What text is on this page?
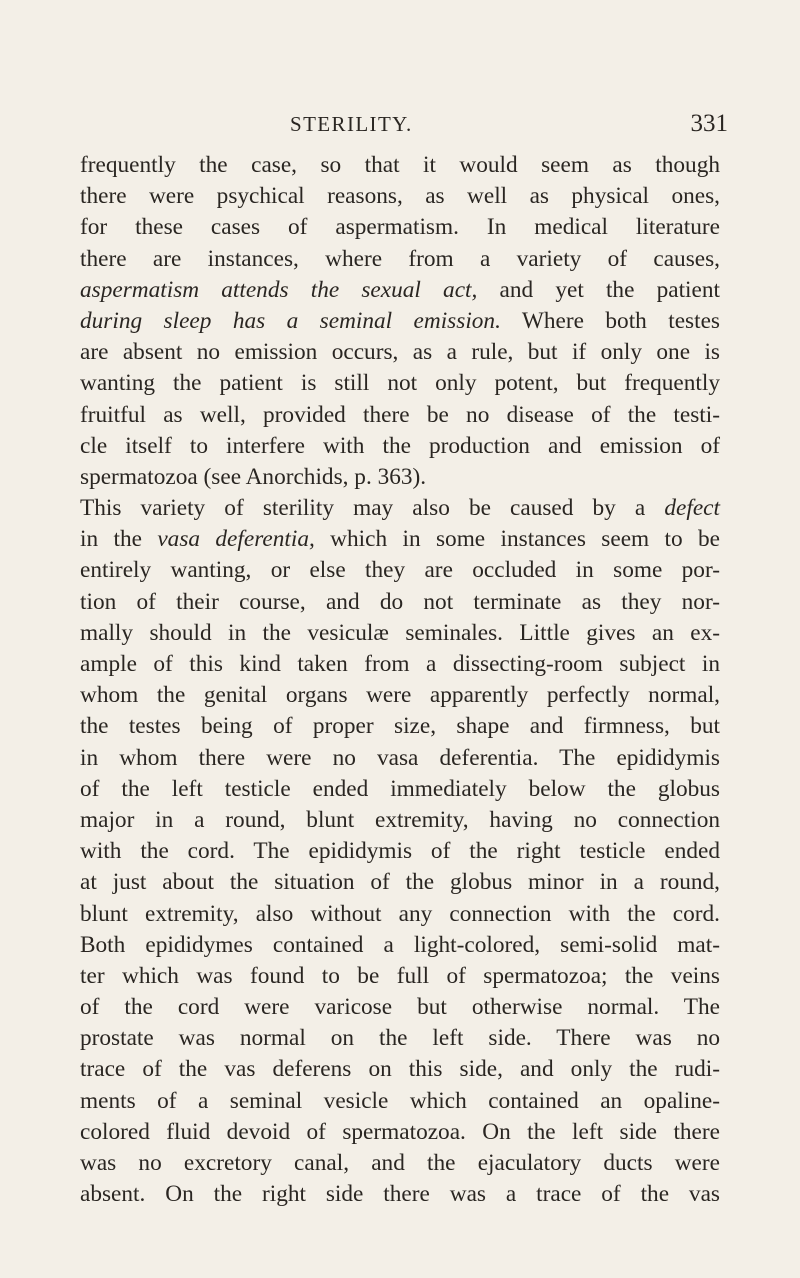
STERILITY.	331
frequently the case, so that it would seem as though
there were psychical reasons, as well as physical ones,
for these cases of aspermatism. In medical literature
there are instances, where from a variety of causes,
aspermatism attends the sexual act, and yet the patient
during sleep has a seminal emission. Where both testes
are absent no emission occurs, as a rule, but if only one is
wanting the patient is still not only potent, but frequently
fruitful as well, provided there be no disease of the testi-
cle itself to interfere with the production and emission of
spermatozoa (see Anorchids, p. 363).
This variety of sterility may also be caused by a defect
in the vasa deferentia, which in some instances seem to be
entirely wanting, or else they are occluded in some por-
tion of their course, and do not terminate as they nor-
mally should in the vesiculæ seminales. Little gives an ex-
ample of this kind taken from a dissecting-room subject in
whom the genital organs were apparently perfectly normal,
the testes being of proper size, shape and firmness, but
in whom there were no vasa deferentia. The epididymis
of the left testicle ended immediately below the globus
major in a round, blunt extremity, having no connection
with the cord. The epididymis of the right testicle ended
at just about the situation of the globus minor in a round,
blunt extremity, also without any connection with the cord.
Both epididymes contained a light-colored, semi-solid mat-
ter which was found to be full of spermatozoa; the veins
of the cord were varicose but otherwise normal. The
prostate was normal on the left side. There was no
trace of the vas deferens on this side, and only the rudi-
ments of a seminal vesicle which contained an opaline-
colored fluid devoid of spermatozoa. On the left side there
was no excretory canal, and the ejaculatory ducts were
absent. On the right side there was a trace of the vas
